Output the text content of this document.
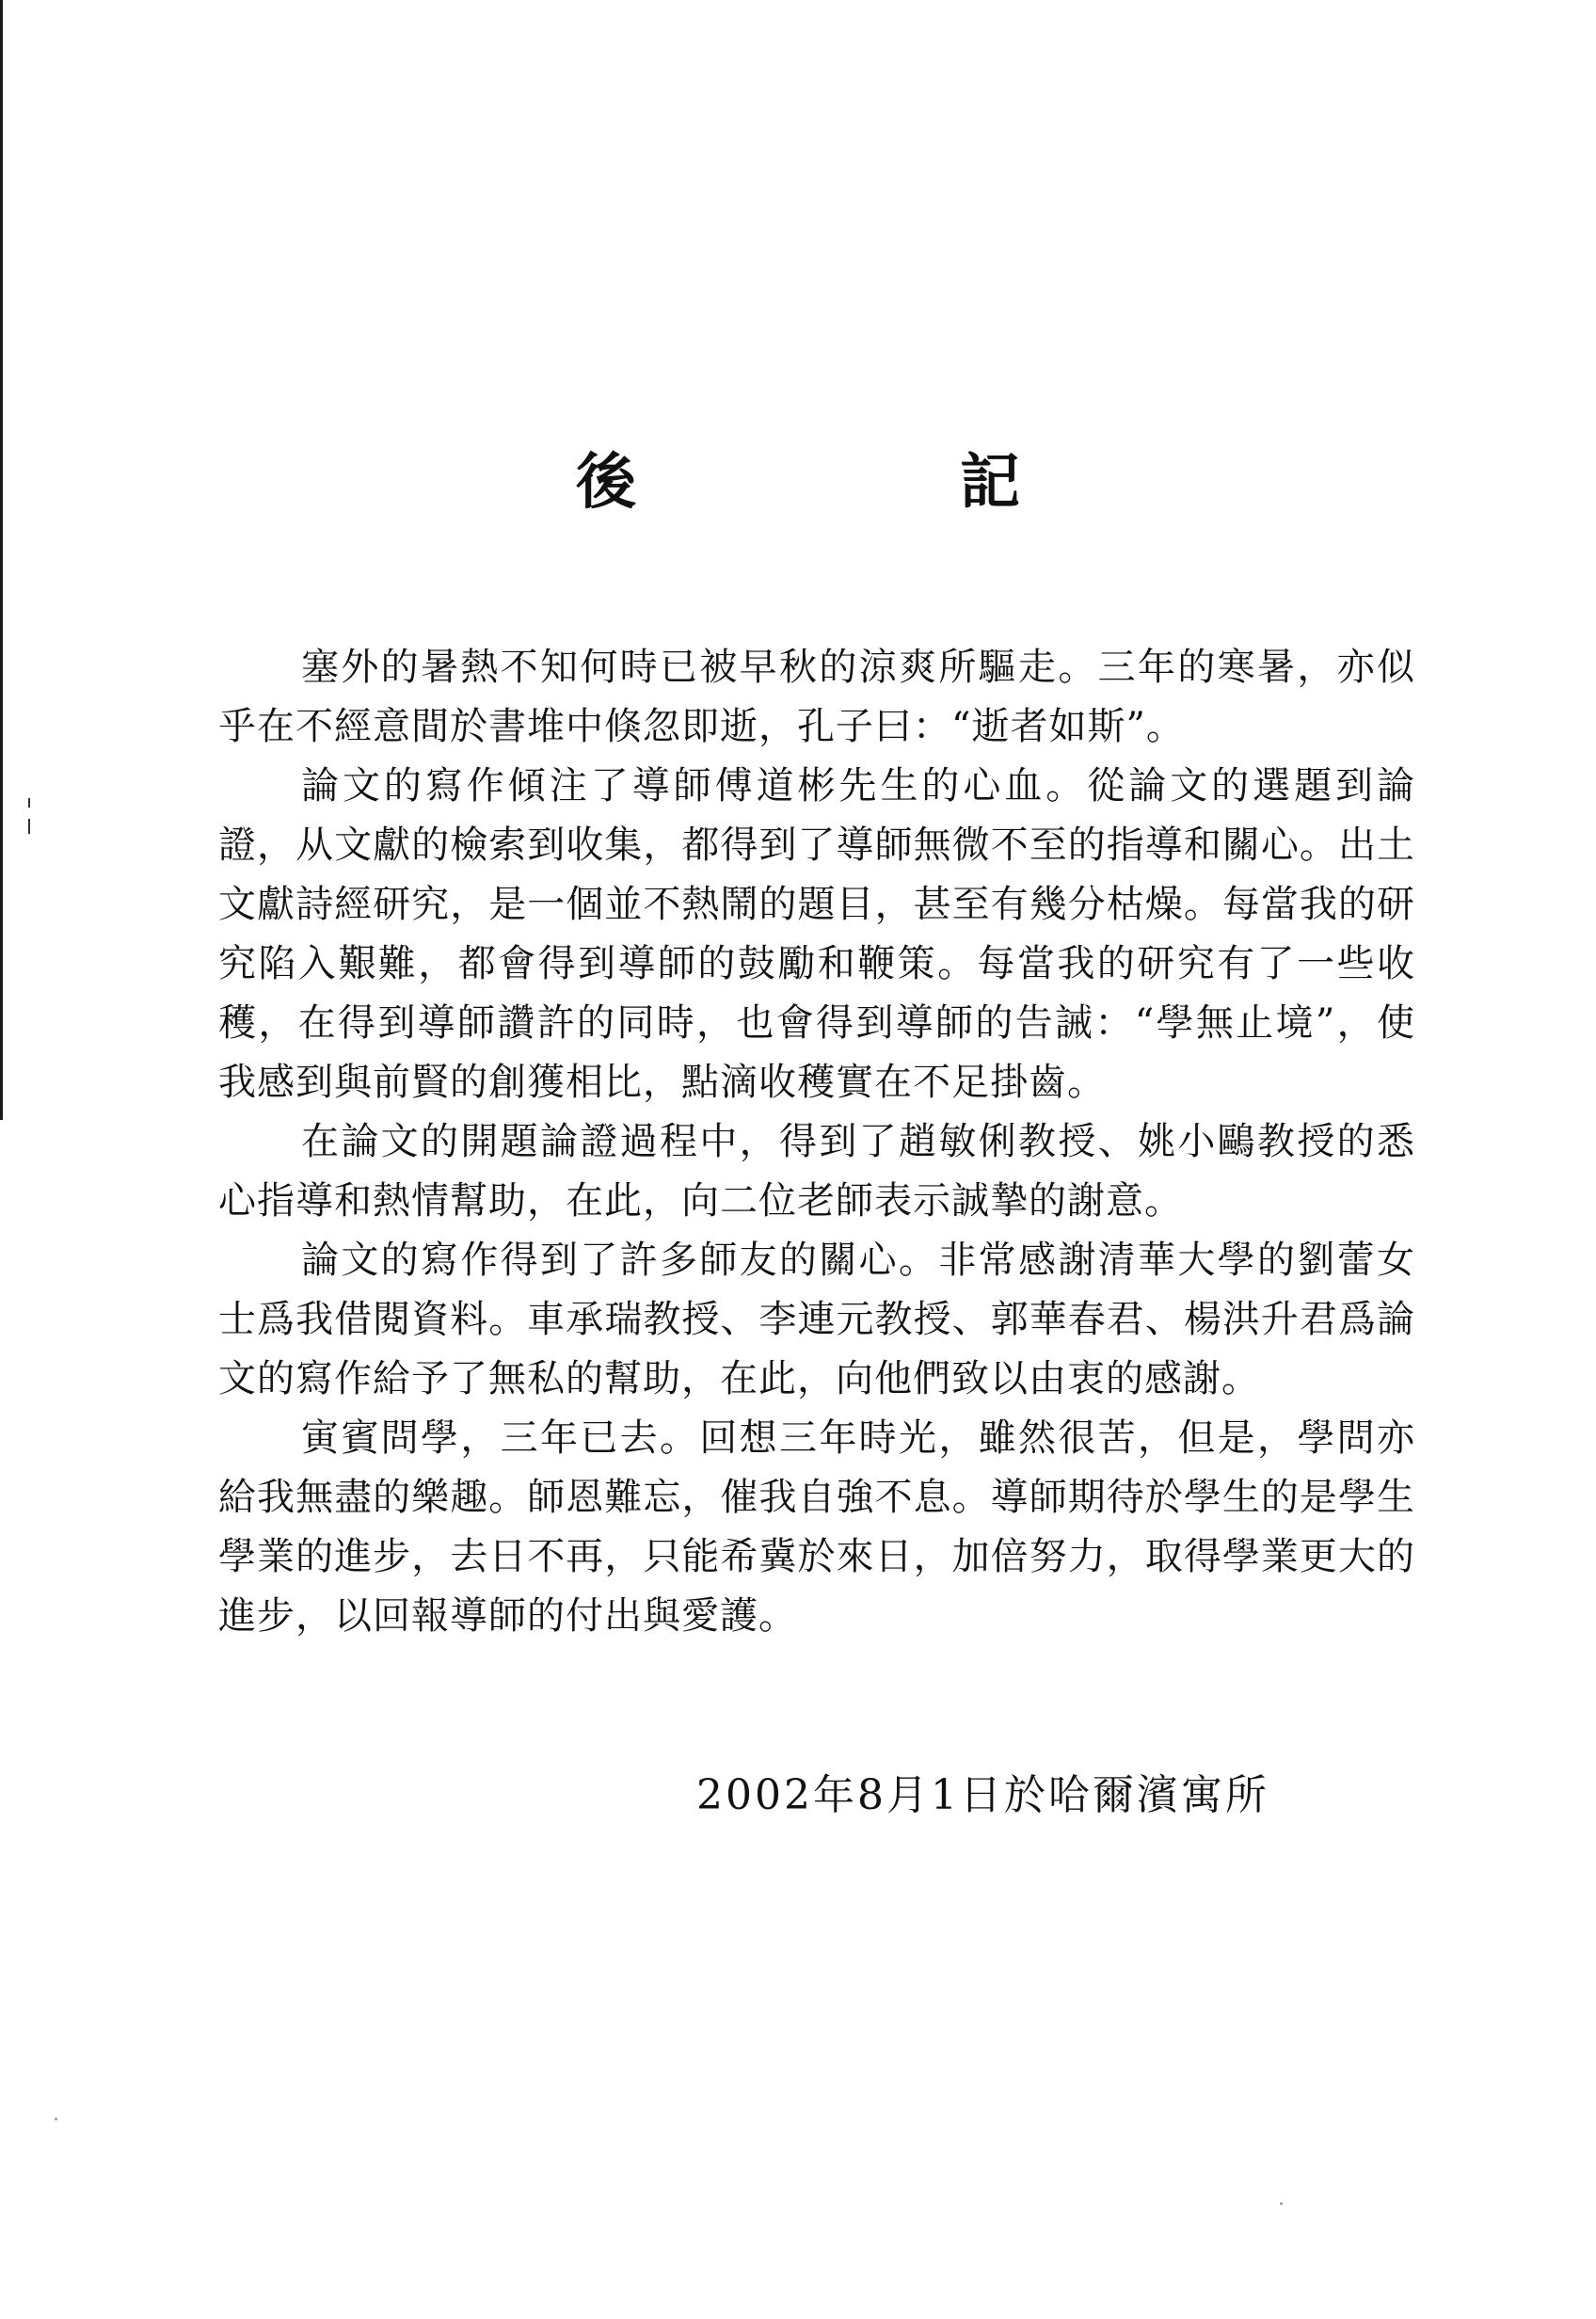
後　記

塞外的暑熱不知何時已被早秋的涼爽所驅走。三年的寒暑，亦似乎在不經意間於書堆中倏忽即逝，孔子曰：“逝者如斯”。

論文的寫作傾注了導師傅道彬先生的心血。從論文的選題到論證，从文獻的檢索到收集，都得到了導師無微不至的指導和關心。出土文獻詩經研究，是一個並不熱鬧的題目，甚至有幾分枯燥。每當我的研究陷入艱難，都會得到導師的鼓勵和鞭策。每當我的研究有了一些收穫，在得到導師讚許的同時，也會得到導師的告誡：“學無止境”，使我感到與前賢的創獲相比，點滴收穫實在不足掛齒。

在論文的開題論證過程中，得到了趙敏俐教授、姚小鷗教授的悉心指導和熱情幫助，在此，向二位老師表示誠摯的謝意。

論文的寫作得到了許多師友的關心。非常感謝清華大學的劉蕾女士爲我借閱資料。車承瑞教授、李連元教授、郭華春君、楊洪升君爲論文的寫作給予了無私的幫助，在此，向他們致以由衷的感謝。

寅賓問學，三年已去。回想三年時光，雖然很苦，但是，學問亦給我無盡的樂趣。師恩難忘，催我自強不息。導師期待於學生的是學生學業的進步，去日不再，只能希冀於來日，加倍努力，取得學業更大的進步，以回報導師的付出與愛護。

2002年8月1日於哈爾濱寓所
